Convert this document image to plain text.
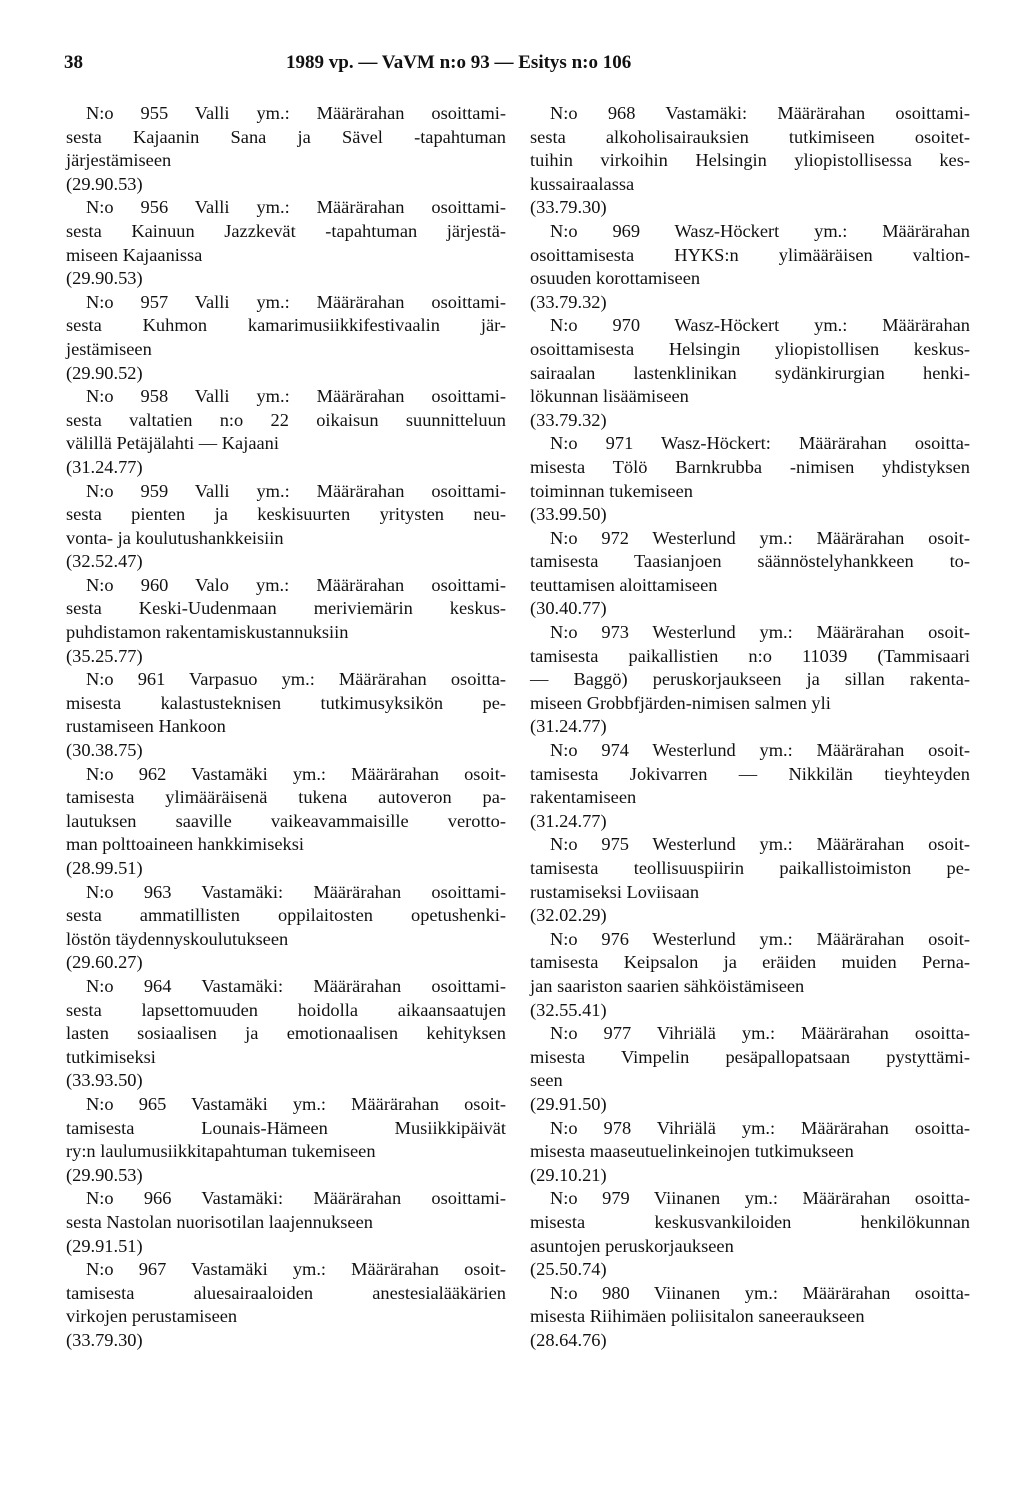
38	1989 vp. — VaVM n:o 93 — Esitys n:o 106
N:o 955 Valli ym.: Määrärahan osoittami-
sesta Kajaanin Sana ja Sävel -tapahtuman
järjestämiseen
(29.90.53)
N:o 956 Valli ym.: Määrärahan osoittami-
sesta Kainuun Jazzkevät -tapahtuman järjestä-
miseen Kajaanissa
(29.90.53)
N:o 957 Valli ym.: Määrärahan osoittami-
sesta Kuhmon kamarimusiikkifestivaalin jär-
jestämiseen
(29.90.52)
N:o 958 Valli ym.: Määrärahan osoittami-
sesta valtatien n:o 22 oikaisun suunnitteluun
välillä Petäjälahti — Kajaani
(31.24.77)
N:o 959 Valli ym.: Määrärahan osoittami-
sesta pienten ja keskisuurten yritysten neu-
vonta- ja koulutushankkeisiin
(32.52.47)
N:o 960 Valo ym.: Määrärahan osoittami-
sesta Keski-Uudenmaan meriviemärin keskus-
puhdistamon rakentamiskustannuksiin
(35.25.77)
N:o 961 Varpasuo ym.: Määrärahan osoitta-
misesta kalastusteknisen tutkimusyksikön pe-
rustamiseen Hankoon
(30.38.75)
N:o 962 Vastamäki ym.: Määrärahan osoit-
tamisesta ylimääräisenä tukena autoveron pa-
lautuksen saaville vaikeavammaisille verotto-
man polttoaineen hankkimiseksi
(28.99.51)
N:o 963 Vastamäki: Määrärahan osoittami-
sesta ammatillisten oppilaitosten opetushenki-
löstön täydennyskoulutukseen
(29.60.27)
N:o 964 Vastamäki: Määrärahan osoittami-
sesta lapsettomuuden hoidolla aikaansaatujen
lasten sosiaalisen ja emotionaalisen kehityksen
tutkimiseksi
(33.93.50)
N:o 965 Vastamäki ym.: Määrärahan osoit-
tamisesta Lounais-Hämeen Musiikkipäivät
ry:n laulumusiikkitapahtuman tukemiseen
(29.90.53)
N:o 966 Vastamäki: Määrärahan osoittami-
sesta Nastolan nuorisotilan laajennukseen
(29.91.51)
N:o 967 Vastamäki ym.: Määrärahan osoit-
tamisesta aluesairaaloiden anestesialääkärien
virkojen perustamiseen
(33.79.30)
N:o 968 Vastamäki: Määrärahan osoittami-
sesta alkoholisairauksien tutkimiseen osoitet-
tuihin virkoihin Helsingin yliopistollisessa kes-
kussairaalassa
(33.79.30)
N:o 969 Wasz-Höckert ym.: Määrärahan
osoittamisesta HYKS:n ylimääräisen valtion-
osuuden korottamiseen
(33.79.32)
N:o 970 Wasz-Höckert ym.: Määrärahan
osoittamisesta Helsingin yliopistollisen keskus-
sairaalan lastenklinikan sydänkirurgian henki-
lökunnan lisäämiseen
(33.79.32)
N:o 971 Wasz-Höckert: Määrärahan osoitta-
misesta Tölö Barnkrubba -nimisen yhdistyksen
toiminnan tukemiseen
(33.99.50)
N:o 972 Westerlund ym.: Määrärahan osoit-
tamisesta Taasianjoen säännöstelyhankkeen to-
teuttamisen aloittamiseen
(30.40.77)
N:o 973 Westerlund ym.: Määrärahan osoit-
tamisesta paikallistien n:o 11039 (Tammisaari
— Baggö) peruskorjaukseen ja sillan rakenta-
miseen Grobbfjärden-nimisen salmen yli
(31.24.77)
N:o 974 Westerlund ym.: Määrärahan osoit-
tamisesta Jokivarren — Nikkilän tieyhteyden
rakentamiseen
(31.24.77)
N:o 975 Westerlund ym.: Määrärahan osoit-
tamisesta teollisuuspiirin paikallistoimiston pe-
rustamiseksi Loviisaan
(32.02.29)
N:o 976 Westerlund ym.: Määrärahan osoit-
tamisesta Keipsalon ja eräiden muiden Perna-
jan saariston saarien sähköistämiseen
(32.55.41)
N:o 977 Vihriälä ym.: Määrärahan osoitta-
misesta Vimpelin pesäpallopatsaan pystyttämi-
seen
(29.91.50)
N:o 978 Vihriälä ym.: Määrärahan osoitta-
misesta maaseutuelinkeinojen tutkimukseen
(29.10.21)
N:o 979 Viinanen ym.: Määrärahan osoitta-
misesta keskusvankiloiden henkilökunnan
asuntojen peruskorjaukseen
(25.50.74)
N:o 980 Viinanen ym.: Määrärahan osoitta-
misesta Riihimäen poliisitalon saneeraukseen
(28.64.76)
